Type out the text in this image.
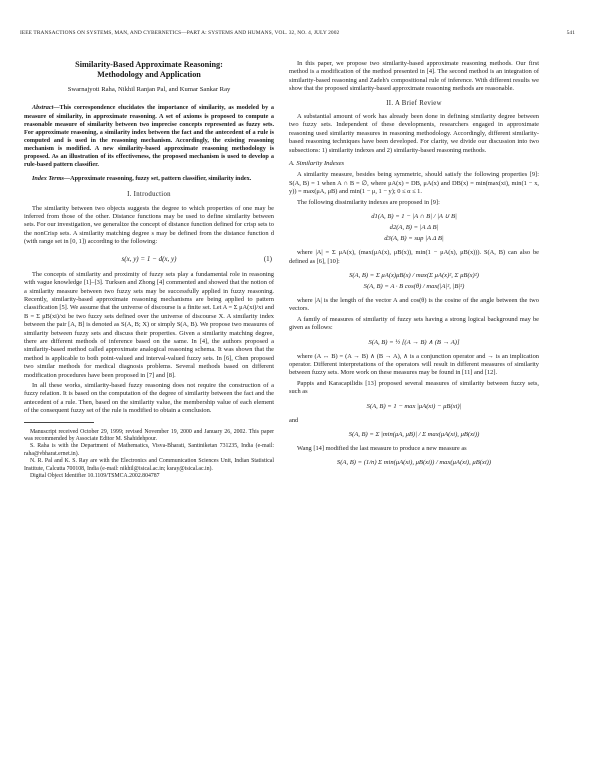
IEEE TRANSACTIONS ON SYSTEMS, MAN, AND CYBERNETICS—PART A: SYSTEMS AND HUMANS, VOL. 32, NO. 4, JULY 2002	541
Similarity-Based Approximate Reasoning:
Methodology and Application
Swarnajyoti Raha, Nikhil Ranjan Pal, and Kumar Sankar Ray

Abstract—This correspondence elucidates the importance of similarity, as modeled by a measure of similarity, in approximate reasoning. A set of axioms is proposed to compute a reasonable measure of similarity between two imprecise concepts represented as fuzzy sets. For approximate reasoning, a similarity index between the fact and the antecedent of a rule is computed and is used in the reasoning mechanism. Accordingly, the existing reasoning mechanism is modified. A new similarity-based approximate reasoning methodology is proposed. As an illustration of its effectiveness, the proposed mechanism is used to develop a rule-based pattern classifier.

Index Terms—Approximate reasoning, fuzzy set, pattern classifier, similarity index.

I. Introduction

The similarity between two objects suggests the degree to which properties of one may be inferred from those of the other. Distance functions may be used to define similarity between sets. For our investigation, we generalize the concept of distance function defined for crisp sets to the nonCrisp sets. A similarity matching degree s may be defined from the distance function d (with range set in [0, 1]) according to the following:

s(x, y) = 1 − d(x, y)	(1)

The concepts of similarity and proximity of fuzzy sets play a fundamental role in reasoning with vague knowledge [1]–[3]. Turksen and Zhong [4] commented and showed that the notion of a similarity measure between two fuzzy sets may be successfully applied in fuzzy reasoning. Recently, similarity-based approximate reasoning mechanisms are being applied to pattern classification [5]. We assume that the universe of discourse is a finite set. Let A = Σ μA(xi)/xi and B = Σ μB(xi)/xi be two fuzzy sets defined over the universe of discourse X. A similarity index between the pair [A, B] is denoted as S(A, B; X) or simply S(A, B). We propose two measures of similarity between fuzzy sets and discuss their properties. Given a similarity matching degree, there are different methods of inference based on the same. In [4], the authors proposed a similarity-based method called approximate analogical reasoning schema. It was shown that the method is applicable to both point-valued and interval-valued fuzzy sets. In [6], Chen proposed two similar methods for medical diagnosis problems. Several methods based on different modification procedures have been proposed in [7] and [8].

In all these works, similarity-based fuzzy reasoning does not require the construction of a fuzzy relation. It is based on the computation of the degree of similarity between the fact and the antecedent of a rule. Then, based on the similarity value, the membership value of each element of the consequent fuzzy set of the rule is modified to obtain a conclusion.

Manuscript received October 29, 1999; revised November 19, 2000 and January 26, 2002. This paper was recommended by Associate Editor M. Shahidehpour.

S. Raha is with the Department of Mathematics, Visva-Bharati, Santiniketan 731235, India (e-mail: raha@vbharat.ernet.in).

N. R. Pal and K. S. Ray are with the Electronics and Communication Sciences Unit, Indian Statistical Institute, Calcutta 700108, India (e-mail: nikhil@isical.ac.in; ksray@isical.ac.in).

Digital Object Identifier 10.1109/TSMCA.2002.804787

In this paper, we propose two similarity-based approximate reasoning methods. Our first method is a modification of the method presented in [4]. The second method is an integration of similarity-based reasoning and Zadeh's compositional rule of inference. With different results we show that the proposed similarity-based approximate reasoning methods are reasonable.

II. A Brief Review

A substantial amount of work has already been done in defining similarity degree between two fuzzy sets. Independent of these developments, researchers engaged in approximate reasoning used similarity measures in reasoning methodology. Accordingly, different similarity-based reasoning techniques have been developed. For clarity, we divide our discussion into two subsections: 1) similarity indexes and 2) similarity-based reasoning methods.

A. Similarity Indexes

A similarity measure, besides being symmetric, should satisfy the following properties [9]: S(A, B) = 1 when A ∩ B = ∅, where μA(x) = DB, μA(x) and DB(x) = min(max(xi), min(1 − x, y)) = max(μA, μB) and min(1 − μ, 1 − y); 0 ≤ α ≤ 1.

The following dissimilarity indexes are proposed in [9]:

d1(A, B) = 1 − |A ∩ B| / |A ∪ B|
d2(A, B) = |A Δ B|
d3(A, B) = sup |A Δ B|

where |A| = Σ μA(x), (max(μA(x), μB(x)), min(1 − μA(x), μB(x))). S(A, B) can also be defined as [6], [10]:

S(A, B) = Σ μA(x)μB(x) / max(Σ μA(x)², Σ μB(x)²)
S(A, B) = A · B cos(θ) / max(|A|², |B|²)

where |A| is the length of the vector A and cos(θ) is the cosine of the angle between the two vectors.

A family of measures of similarity of fuzzy sets having a strong logical background may be given as follows:

S(A, B) = ½ [(A → B) ∧ (B → A)]

where (A ↔ B) = (A → B) ∧ (B → A), ∧ is a conjunction operator and → is an implication operator. Different interpretations of the operators will result in different measures of similarity between fuzzy sets. More work on these measures may be found in [11] and [12].

Pappis and Karacapilidis [13] proposed several measures of similarity between fuzzy sets, such as

S(A, B) = 1 − max |μA(xi) − μB(xi)|
and
S(A, B) = Σ |min(μA, μB)| / Σ max(μA(xi), μB(xi))

Wang [14] modified the last measure to produce a new measure as

S(A, B) = (1/n) Σ min(μA(xi), μB(xi)) / max(μA(xi), μB(xi))
